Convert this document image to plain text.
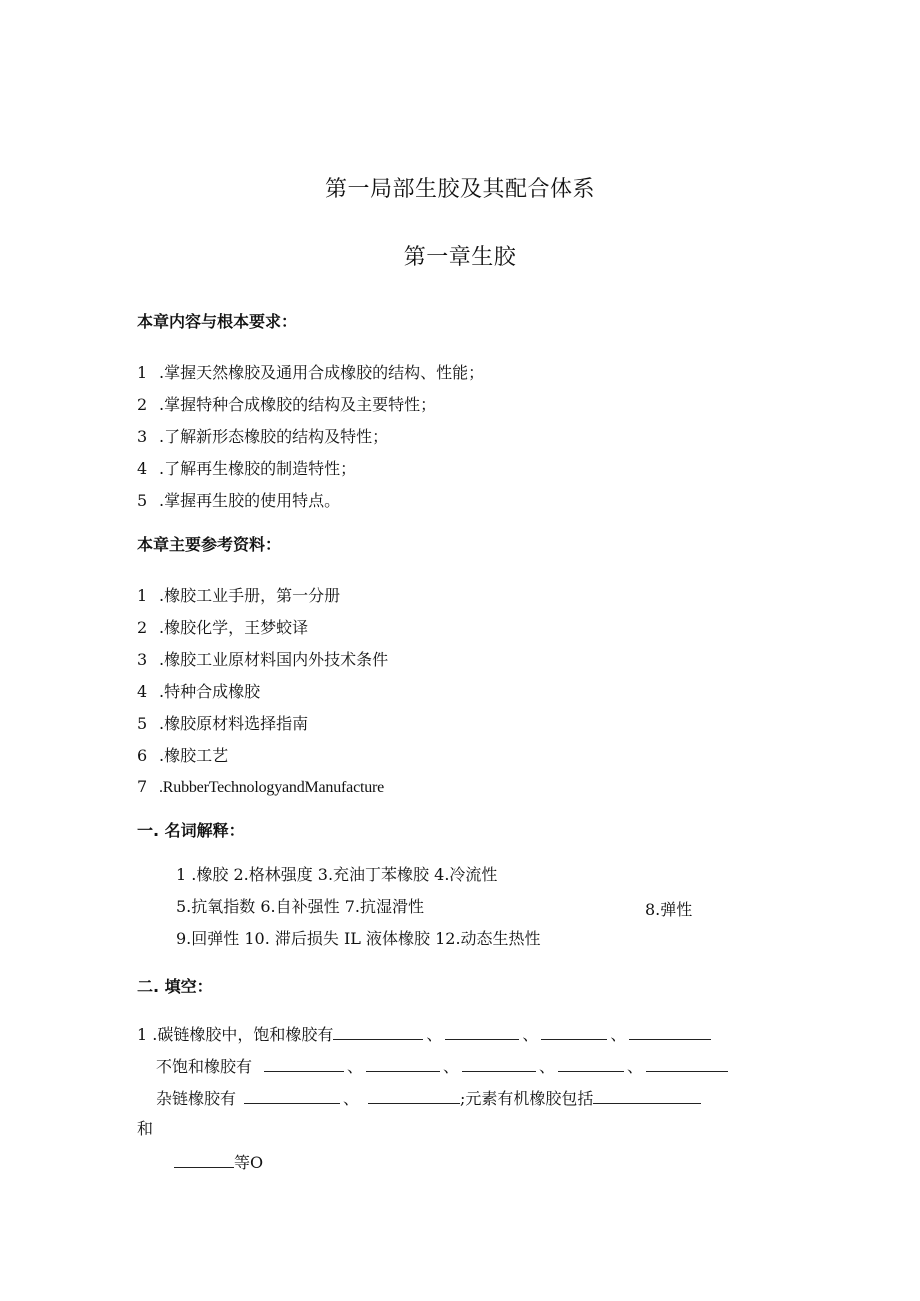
第一局部生胶及其配合体系
第一章生胶
本章内容与根本要求：
1 .掌握天然橡胶及通用合成橡胶的结构、性能；
2 .掌握特种合成橡胶的结构及主要特性；
3 .了解新形态橡胶的结构及特性；
4 .了解再生橡胶的制造特性；
5 .掌握再生胶的使用特点。
本章主要参考资料：
1 .橡胶工业手册，第一分册
2 .橡胶化学，王梦蛟译
3 .橡胶工业原材料国内外技术条件
4 .特种合成橡胶
5 .橡胶原材料选择指南
6 .橡胶工艺
7 .RubberTechnologyandManufacture
一. 名词解释：
1 .橡胶 2.格林强度 3.充油丁苯橡胶 4.冷流性
5.抗氧指数 6.自补强性 7.抗湿滑性	8.弹性
9.回弹性 10. 滞后损失 IL 液体橡胶 12.动态生热性
二. 填空：
1 .碳链橡胶中，饱和橡胶有	、	、	、
不饱和橡胶有	、	、	、	、
杂链橡胶有	、	;元素有机橡胶包括
和
等O
